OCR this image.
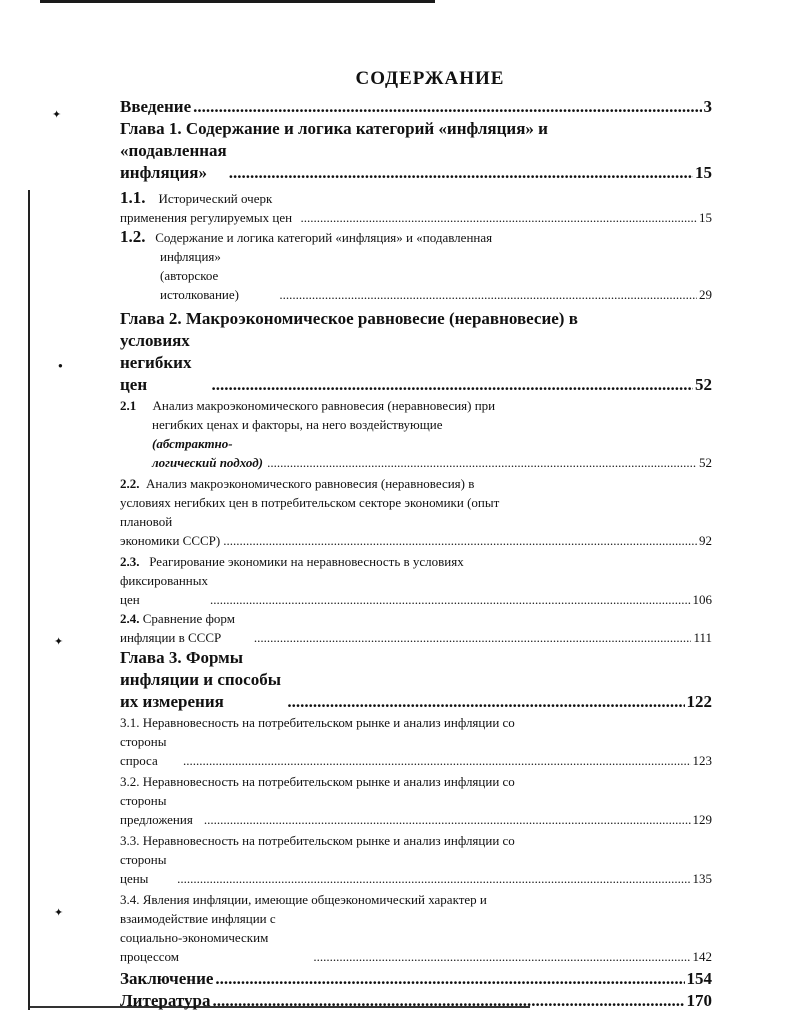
✦
●
✦
✦
СОДЕРЖАНИЕ
Введение .....	3
Глава 1. Содержание и логика категорий «инфляция» и
«подавленная инфляция» .....	15
1.1. Исторический очерк применения регулируемых цен .....	15
1.2. Содержание и логика категорий «инфляция» и «подавленная
инфляция» (авторское истолкование) .....	29
Глава 2. Макроэкономическое равновесие (неравновесие) в
условиях негибких цен .....	52
2.1 Анализ макроэкономического равновесия (неравновесия) при
негибких ценах и факторы, на него воздействующие
(абстрактно-логический подход) .....	52
2.2. Анализ макроэкономического равновесия (неравновесия) в
условиях негибких цен в потребительском секторе экономики (опыт
плановой экономики СССР) .....	92
2.3. Реагирование экономики на неравновесность в условиях
фиксированных цен .....	106
2.4. Сравнение форм инфляции в СССР .....	111
Глава 3. Формы инфляции и способы их измерения .....	122
3.1. Неравновесность на потребительском рынке и анализ инфляции со
стороны спроса .....	123
3.2. Неравновесность на потребительском рынке и анализ инфляции со
стороны предложения .....	129
3.3. Неравновесность на потребительском рынке и анализ инфляции со
стороны цены .....	135
3.4. Явления инфляции, имеющие общеэкономический характер и
взаимодействие инфляции с социально-экономическим процессом .....	142
Заключение .....	154
Литература .....	170
